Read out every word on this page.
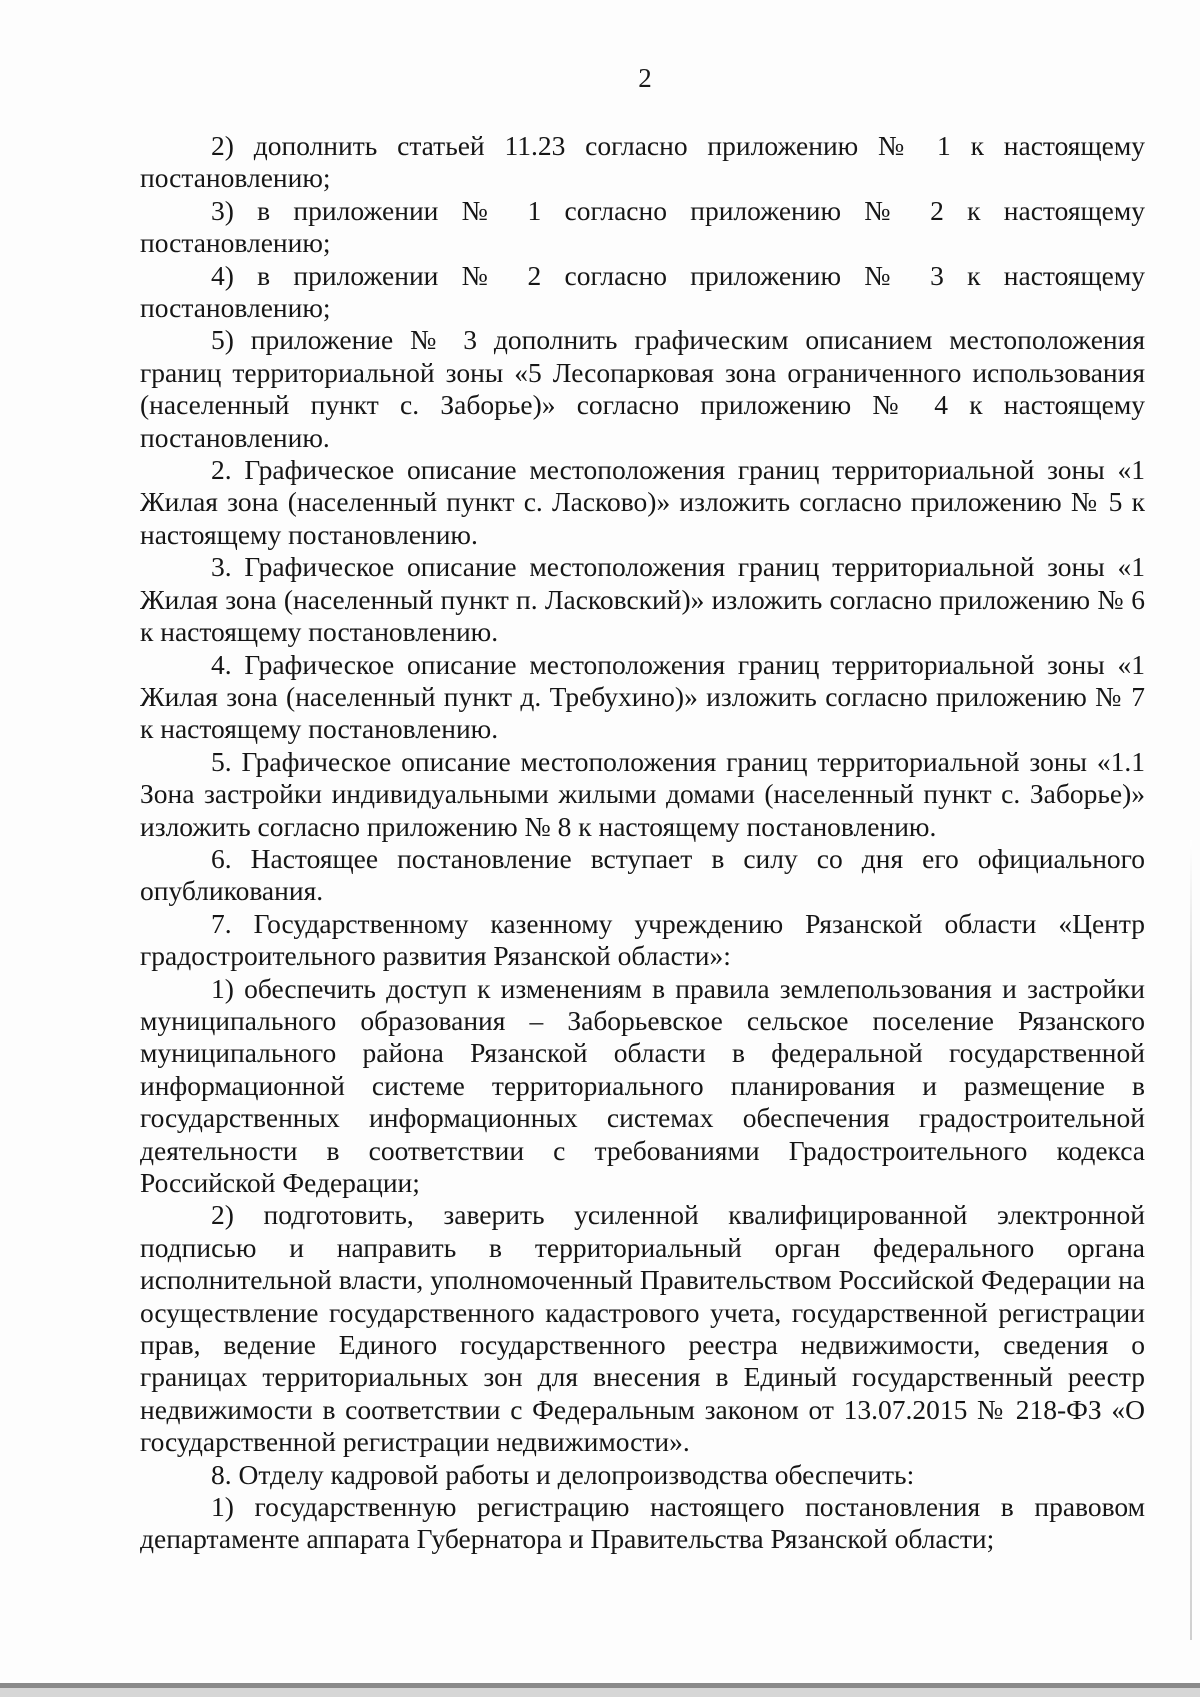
2

2) дополнить статьей 11.23 согласно приложению № 1 к настоящему постановлению;

3) в приложении № 1 согласно приложению № 2 к настоящему постановлению;

4) в приложении № 2 согласно приложению № 3 к настоящему постановлению;

5) приложение № 3 дополнить графическим описанием местоположения границ территориальной зоны «5 Лесопарковая зона ограниченного использования (населенный пункт с. Заборье)» согласно приложению № 4 к настоящему постановлению.

2. Графическое описание местоположения границ территориальной зоны «1 Жилая зона (населенный пункт с. Ласково)» изложить согласно приложению № 5 к настоящему постановлению.

3. Графическое описание местоположения границ территориальной зоны «1 Жилая зона (населенный пункт п. Ласковский)» изложить согласно приложению № 6 к настоящему постановлению.

4. Графическое описание местоположения границ территориальной зоны «1 Жилая зона (населенный пункт д. Требухино)» изложить согласно приложению № 7 к настоящему постановлению.

5. Графическое описание местоположения границ территориальной зоны «1.1 Зона застройки индивидуальными жилыми домами (населенный пункт с. Заборье)» изложить согласно приложению № 8 к настоящему постановлению.

6. Настоящее постановление вступает в силу со дня его официального опубликования.

7. Государственному казенному учреждению Рязанской области «Центр градостроительного развития Рязанской области»:

1) обеспечить доступ к изменениям в правила землепользования и застройки муниципального образования – Заборьевское сельское поселение Рязанского муниципального района Рязанской области в федеральной государственной информационной системе территориального планирования и размещение в государственных информационных системах обеспечения градостроительной деятельности в соответствии с требованиями Градостроительного кодекса Российской Федерации;

2) подготовить, заверить усиленной квалифицированной электронной подписью и направить в территориальный орган федерального органа исполнительной власти, уполномоченный Правительством Российской Федерации на осуществление государственного кадастрового учета, государственной регистрации прав, ведение Единого государственного реестра недвижимости, сведения о границах территориальных зон для внесения в Единый государственный реестр недвижимости в соответствии с Федеральным законом от 13.07.2015 № 218-ФЗ «О государственной регистрации недвижимости».

8. Отделу кадровой работы и делопроизводства обеспечить:

1) государственную регистрацию настоящего постановления в правовом департаменте аппарата Губернатора и Правительства Рязанской области;
